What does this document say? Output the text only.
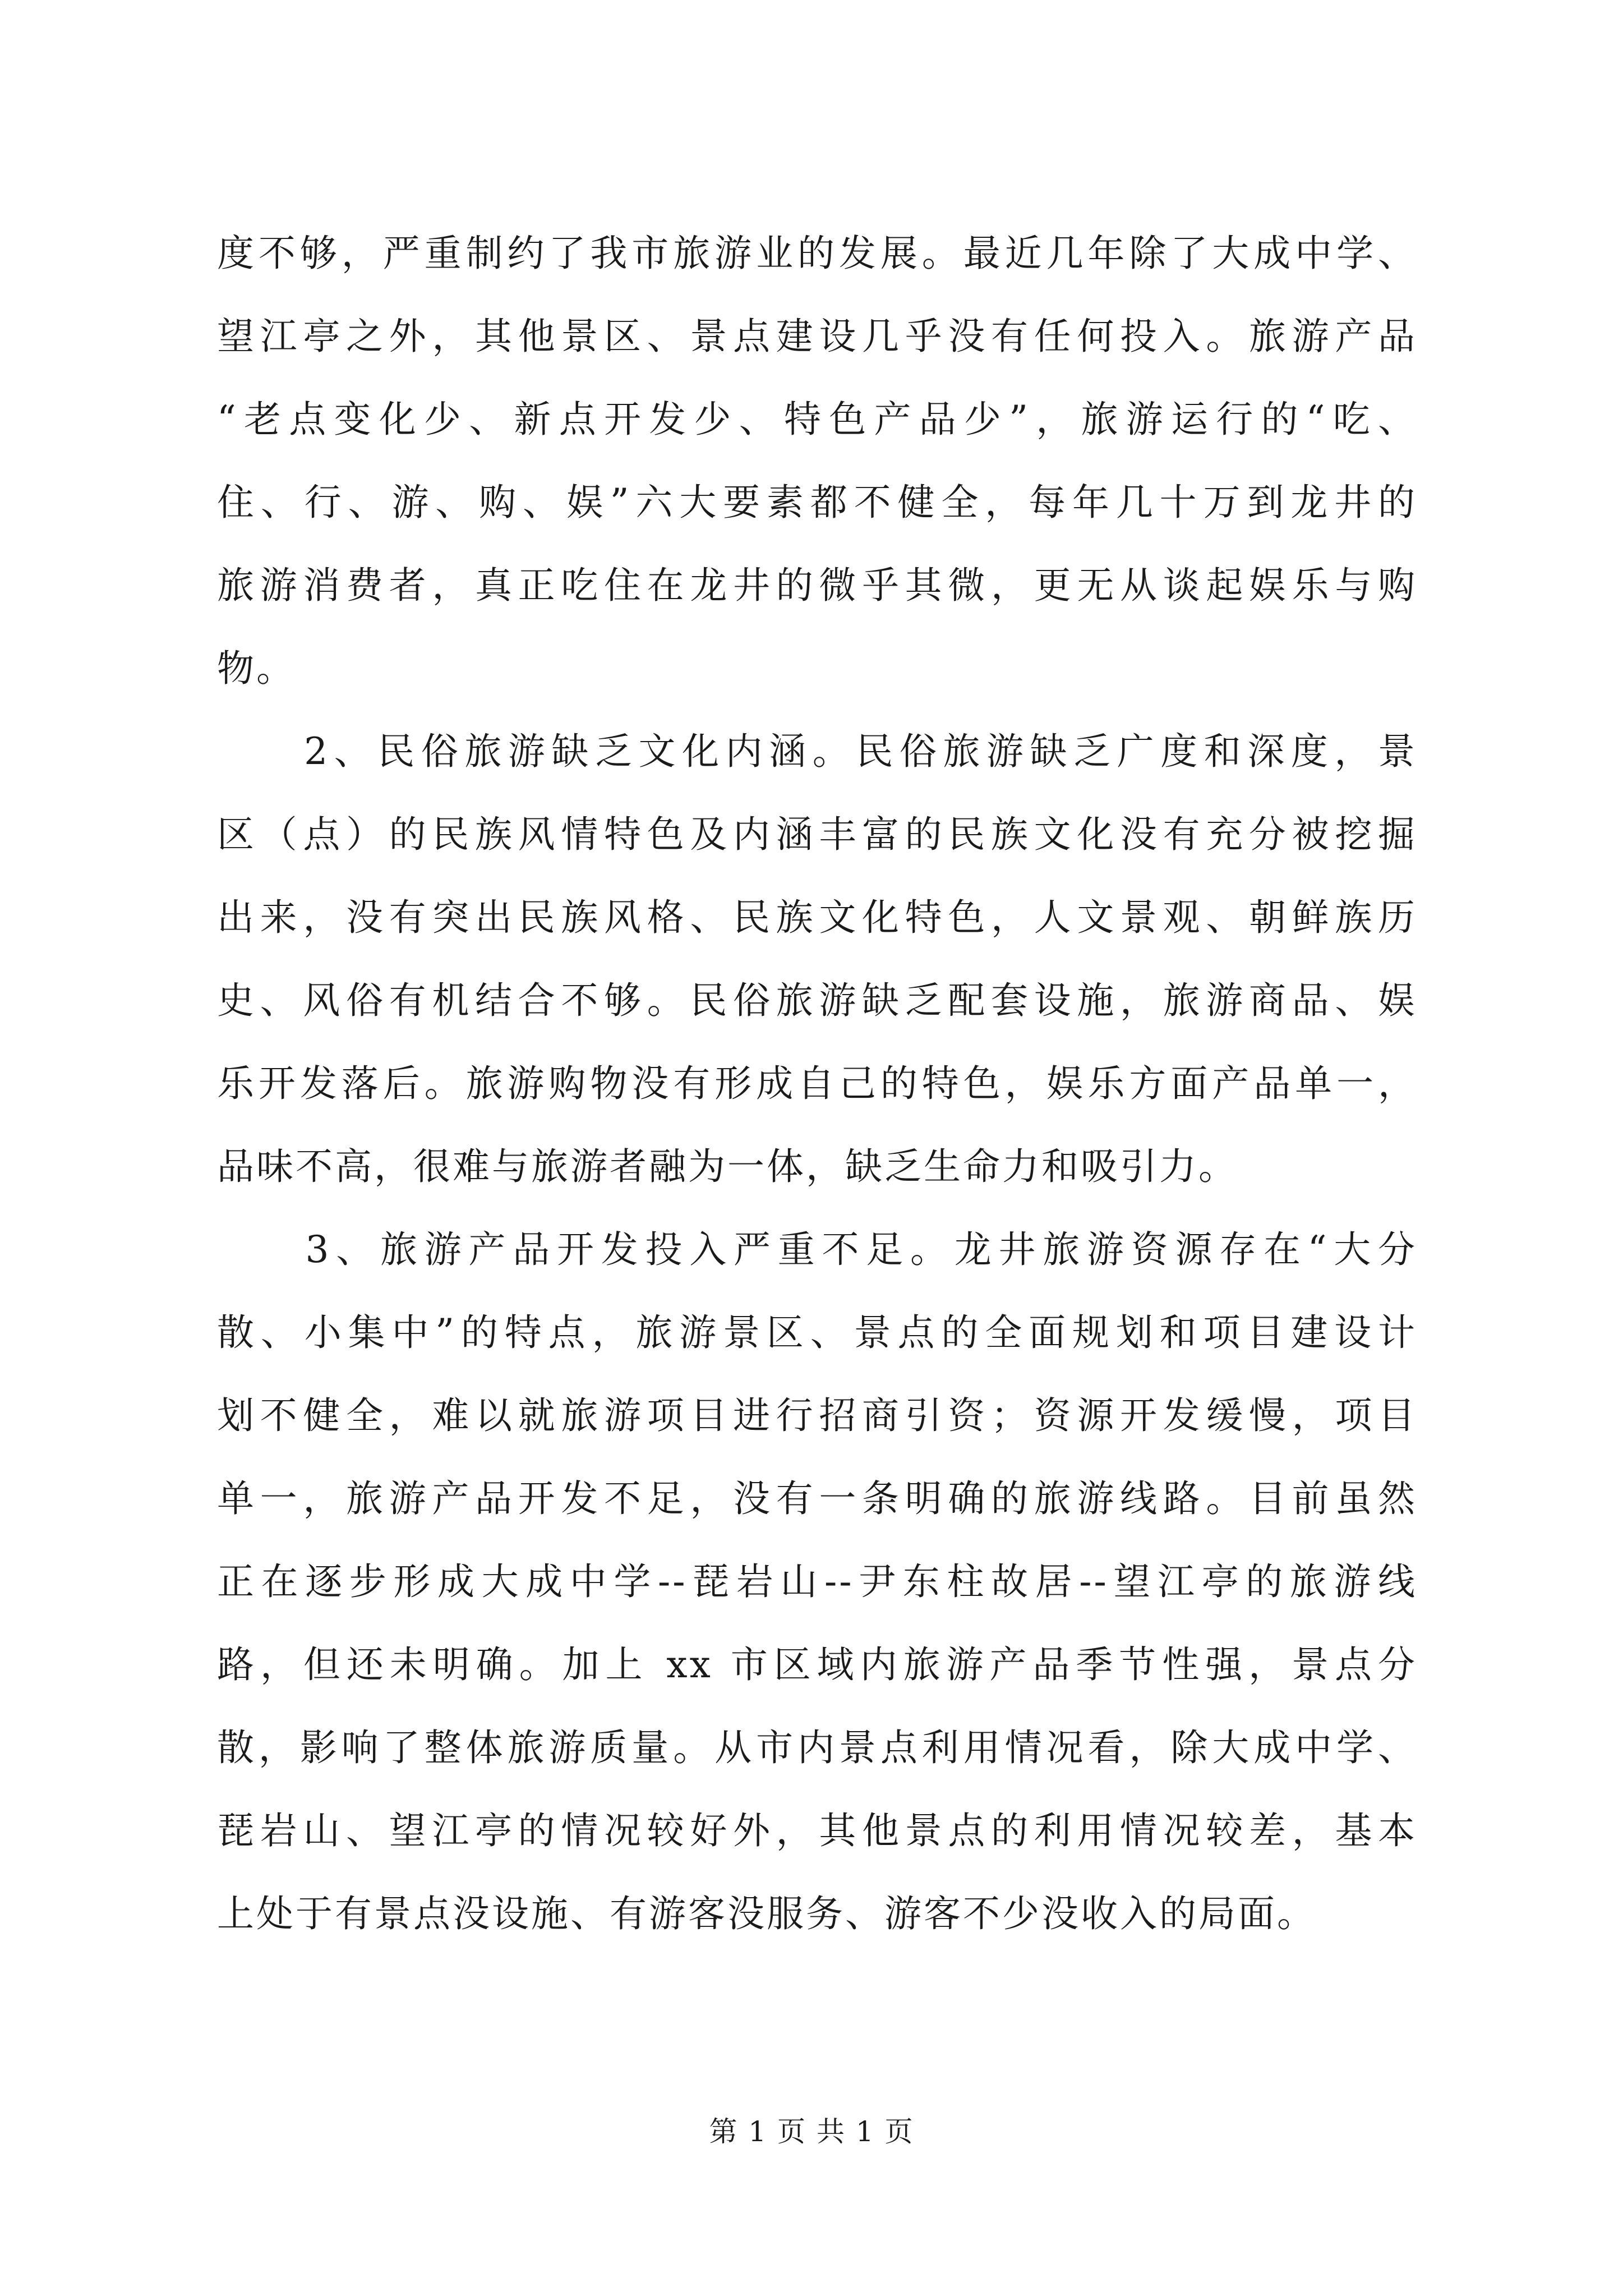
度不够，严重制约了我市旅游业的发展。最近几年除了大成中学、
望江亭之外，其他景区、景点建设几乎没有任何投入。旅游产品
“老点变化少、新点开发少、特色产品少”，旅游运行的“吃、
住、行、游、购、娱”六大要素都不健全，每年几十万到龙井的
旅游消费者，真正吃住在龙井的微乎其微，更无从谈起娱乐与购
物。
　　2、民俗旅游缺乏文化内涵。民俗旅游缺乏广度和深度，景
区（点）的民族风情特色及内涵丰富的民族文化没有充分被挖掘
出来，没有突出民族风格、民族文化特色，人文景观、朝鲜族历
史、风俗有机结合不够。民俗旅游缺乏配套设施，旅游商品、娱
乐开发落后。旅游购物没有形成自己的特色，娱乐方面产品单一，
品味不高，很难与旅游者融为一体，缺乏生命力和吸引力。
　　3、旅游产品开发投入严重不足。龙井旅游资源存在“大分
散、小集中”的特点，旅游景区、景点的全面规划和项目建设计
划不健全，难以就旅游项目进行招商引资；资源开发缓慢，项目
单一，旅游产品开发不足，没有一条明确的旅游线路。目前虽然
正在逐步形成大成中学--琵岩山--尹东柱故居--望江亭的旅游线
路，但还未明确。加上 xx 市区域内旅游产品季节性强，景点分
散，影响了整体旅游质量。从市内景点利用情况看，除大成中学、
琵岩山、望江亭的情况较好外，其他景点的利用情况较差，基本
上处于有景点没设施、有游客没服务、游客不少没收入的局面。
第 1 页 共 1 页
